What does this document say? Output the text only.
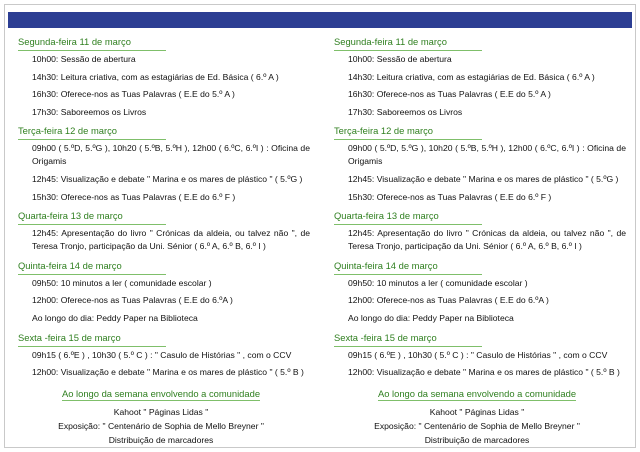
Segunda-feira 11 de março
10h00: Sessão de abertura
14h30: Leitura criativa, com as estagiárias de Ed. Básica ( 6.º A )
16h30: Oferece-nos as Tuas Palavras ( E.E do 5.º A )
17h30: Saboreemos os Livros
Terça-feira 12 de março
09h00 ( 5.ºD, 5.ºG ), 10h20 ( 5.ºB, 5.ºH ), 12h00 ( 6.ºC, 6.ºI ) : Oficina de Origamis
12h45: Visualização e debate " Marina e os mares de plástico " ( 5.ºG )
15h30: Oferece-nos as Tuas Palavras ( E.E do 6.º F )
Quarta-feira 13 de março
12h45: Apresentação do livro " Crónicas da aldeia, ou talvez não ", de Teresa Tronjo, participação da Uni. Sénior ( 6.º A, 6.º B, 6.º I )
Quinta-feira 14 de março
09h50: 10 minutos a ler ( comunidade escolar )
12h00: Oferece-nos as Tuas Palavras ( E.E do 6.ºA )
Ao longo do dia: Peddy Paper na Biblioteca
Sexta -feira 15 de março
09h15 ( 6.ºE ) , 10h30 ( 5.º C ) : " Casulo de Histórias " , com o CCV
12h00: Visualização e debate " Marina e os mares de plástico " ( 5.º B )
Ao longo da semana envolvendo a comunidade
Kahoot " Páginas Lidas "
Exposição: " Centenário de Sophia de Mello Breyner "
Distribuição de marcadores
Segunda-feira 11 de março
10h00: Sessão de abertura
14h30: Leitura criativa, com as estagiárias de Ed. Básica ( 6.º A )
16h30: Oferece-nos as Tuas Palavras ( E.E do 5.º A )
17h30: Saboreemos os Livros
Terça-feira 12 de março
09h00 ( 5.ºD, 5.ºG ), 10h20 ( 5.ºB, 5.ºH ), 12h00 ( 6.ºC, 6.ºI ) : Oficina de Origamis
12h45: Visualização e debate " Marina e os mares de plástico " ( 5.ºG )
15h30: Oferece-nos as Tuas Palavras ( E.E do 6.º F )
Quarta-feira 13 de março
12h45: Apresentação do livro " Crónicas da aldeia, ou talvez não ", de Teresa Tronjo, participação da Uni. Sénior ( 6.º A, 6.º B, 6.º I )
Quinta-feira 14 de março
09h50: 10 minutos a ler ( comunidade escolar )
12h00: Oferece-nos as Tuas Palavras ( E.E do 6.ºA )
Ao longo do dia: Peddy Paper na Biblioteca
Sexta -feira 15 de março
09h15 ( 6.ºE ) , 10h30 ( 5.º C ) : " Casulo de Histórias " , com o CCV
12h00: Visualização e debate " Marina e os mares de plástico " ( 5.º B )
Ao longo da semana envolvendo a comunidade
Kahoot " Páginas Lidas "
Exposição: " Centenário de Sophia de Mello Breyner "
Distribuição de marcadores
